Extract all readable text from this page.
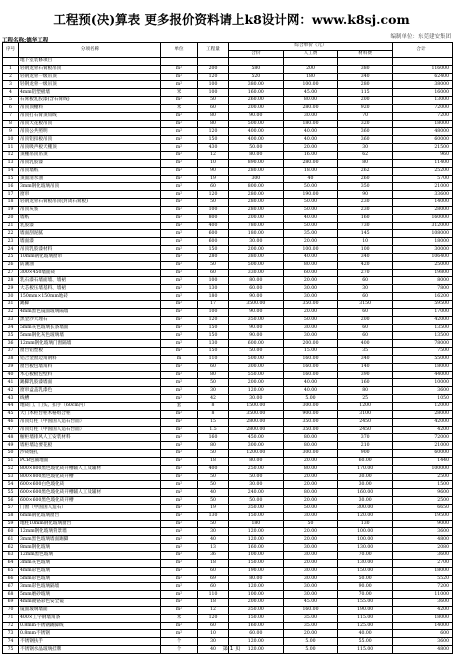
工程预(决)算表 更多报价资料请上k8设计网：www.k8sj.com
工程名称:德华工程
编制单位：东莞建安集团
序号	分项名称	单位	工程量	综合单价（元）			合计
				合价	人工费	材料费	
	地下室装修项目						
1	轻钢龙骨石膏板吊顶	m²	200	580	200	380	116000
2	轻钢龙骨一级吊顶	m²	120	520	180	340	62400
3	轻钢龙骨一级吊顶	m²	100	380.00	100.00	280	38000
4	4mm铝塑板墙	米	100	160.00	45.00	115	16000
5	石膏板乳胶漆(含石膏线)	m²	50	260.00	80.00	200	13000
6	吊顶顶棚料	米	60	200.00	280.00	920	72000
7	吊顶打石膏顶角线	m²	80	90.00	30.00	70	7200
8	吊顶天花板吊顶	m²	80	500.00	180.00	320	18000
9	吊顶公共照明	m²	120	400.00	40.00	360	48000
10	吊顶铝扣板吊顶	m²	150	400.00	40.00	360	60000
11	吊顶吸声板天棚顶	m²	430	50.00	20.00	30	21500
12	顶棚吊顶吊顶	m²	12	80.00	16.00	62	960
13	吊顶乳胶漆	m²	10	890.00	280.00	80	11400
14	吊顶墙纸	m²	90	280.00	18.00	262	25200
15	顶面清水油	m²	19	300	40	260	5700
16	3mm钢化玻璃吊顶	m²	60	800.00	50.00	350	21000
17	窗帘	m²	120	280.00	190.00	90	33600
18	轻钢龙骨石膏板吊顶(封闭石膏板)	m²	50	280.00	50.00	230	14000
19	吊顶灰浆	m²	100	280.00	50.00	230	28000
20	墙纸	m²	800	200.00	40.00	160	160000
21	乳胶漆	m²	400	780.00	50.00	730	312000
22	墙面刮泥腻	m²	600	180.00	35.00	145	108000
23	墙面漆	m²	600	30.00	20.00	10	18000
24	吊顶乳胶漆材料	m²	150	200.00	100.00	100	30000
25	10mm钢化玻璃窗帘	m²	280	380.00	40.00	340	106400
26	防潮油	m²	50	500.00	80.00	420	25000
27	300×450墙面砖	m²	60	330.00	60.00	270	19800
28	乳石漆石墙面墙、墙裙	m²	100	80.00	20.00	60	8000
29	大芯板压墙基料、墙裙	m²	130	60.00	30.00	30	7800
30	150mm×150mm地砖	m²	180	90.00	30.00	60	16200
31	踢脚	m²	17	3500.00	350.00	3150	59500
32	4mm黑色镜面玻璃隔墙	m²	100	90.00	20.00	60	17000
33	黑金沙大理石	m²	120	350.00	50.00	200	42000
34	5mm灰色玻璃长条墙面	m²	150	90.00	30.00	60	13500
35	5mm钢化灰色玻璃墙	m²	150	90.00	30.00	60	13500
36	12mm钢化玻璃门窗隔墙	m²	130	600.00	200.00	400	78000
37	窗台铝塑板	m²	150	50.00	15.00	35	7500
38	铝合金窗边角钢料	m	110	500.00	160.00	340	55000
39	窗台板包墙角料	m²	60	300.00	160.00	140	18000
40	木心板板包壁料	m²	80	550.00	160.00	390	44000
41	踢脚乳胶漆墙面	m²	50	200.00	40.00	160	10000
42	窗帘盒盖乳漆色	m²	30	120.00	40.00	80	3600
43	线槽	m²	42	30.00	5.00	25	1050
44	地砖门、门头、扣手（60cm内）	套	8	1500.00	300.00	1200	12000
45	大门木柜台柜木格组合柜	m²	8	3500.00	900.00	3100	28000
46	吊顶灯柱（中国国人造石台面）	m²	15	2800.00	350.00	2450	42000
47	吊顶灯柱（中国国人造石台面）	m²	1.5	2800.00	350.00	2450	4200
48	橱柜墙排风人工安装材料	m²	160	450.00	80.00	370	72000
49	墙柜墙边要花板	m²	80	300.00	80.00	210	21000
50	沙砖缝扎	m²	50	1200.00	300.00	900	60000
51	PCB包铺地面	m²	18	80.00	20.00	60.00	1440
52	800×800黑色玻化砖开槽辅人工及辅材	m²	400	250.00	80.00	170.00	100000
53	800×800黑色玻化砖开槽	m²	50	50.00	20.00	30.00	2500
54	600×600白色玻化砖	m²	50	30.00	20.00	30.00	1500
55	600×600黑色玻化砖开槽辅人工及辅材	m²	40	240.00	80.00	160.00	9600
56	600×600黑色玻化砖开槽	m²	50	50.00	20.00	30.00	2500
57	门窗（中国国人造石）	m²	19	350.00	50.00	300.00	6650
58	6mm钢化玻璃窗台	m²	130	150.00	30.00	120.00	19500
59	地柱10mm钢化玻璃窗台	m²	50	180	50	130	9000
60	12mm钢化玻璃背景墙	m²	30	120.00	20.00	100.00	3600
61	3mm黑色玻璃墙面踢脚	m²	40	120.00	20.00	100.00	4800
62	8mm钢化玻璃	m²	13	160.00	30.00	130.00	2080
63	12mm黑色玻璃	m²	36	100.00	30.00	70.00	3600
64	3mm灰色玻璃	m²	18	150.00	20.00	130.00	2700
65	4mm彩色玻璃	m²	60	190.00	30.00	150.00	18000
66	5mm彩色玻璃	m²	69	80.00	30.00	50.00	5520
67	3mm彩色玻璃隔墙	m²	60	120.00	30.00	90.00	7200
68	5mm磨砂玻璃	m²	110	100.00	30.00	70.00	11000
69	4mm镀铬彩色安全镜	m²	18	200.00	45.00	155.00	3600
70	镜面玻璃墙面	m²	12	350.00	160.00	190.00	4200
71	400×工字钢墙角条	米	120	150.00	35.00	115.00	18000
72	0.8mm不锈钢踢脚线	m²	60	160.00	35.00	125.00	14000
73	0.8mm不锈钢	m²	10	60.00	20.00	40.00	600
74	不锈钢扶手	个	30	120.00	5.00	55.00	3600
75	不锈钢水晶玻璃挂牌	个	40	120.00	5.00	115.00	4800
第 1 页
